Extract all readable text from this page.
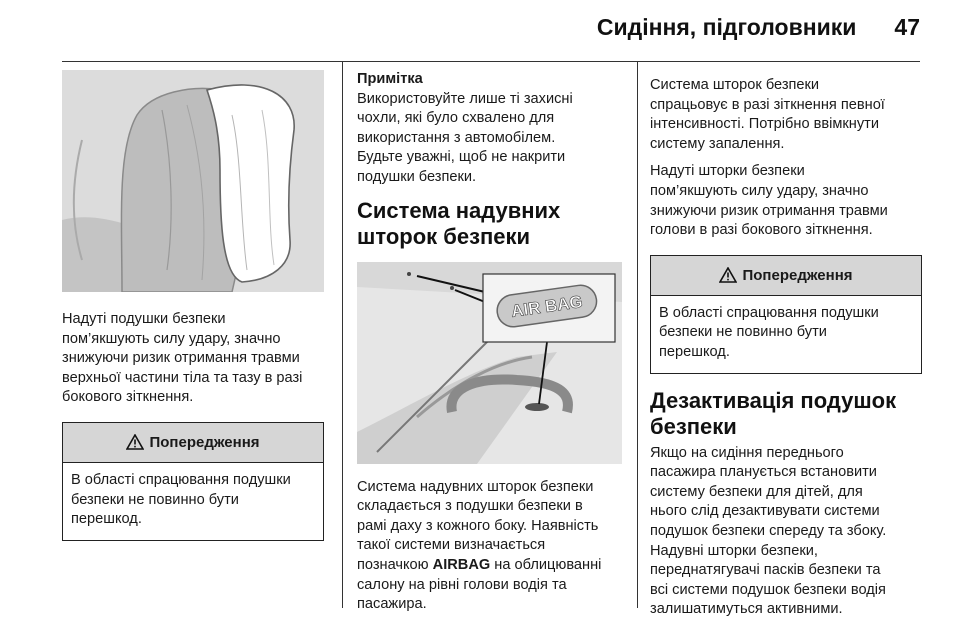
Сидіння, підголовники 47

Надуті подушки безпеки

пом’якшують силу удару, значно

знижуючи ризик отримання травми

верхньої частини тіла та тазу в разі

бокового зіткнення.

Попередження

В області спрацювання подушки

безпеки не повинно бути

перешкод.

Примітка

Використовуйте лише ті захисні

чохли, які було схвалено для

використання з автомобілем.

Будьте уважні, щоб не накрити

подушки безпеки.

Система надувних
шторок безпеки
AIR BAG

Система надувних шторок безпеки

складається з подушки безпеки в

рамі даху з кожного боку. Наявність

такої системи визначається

позначкою AIRBAG на облицюванні

салону на рівні голови водія та

пасажира.

Система шторок безпеки

спрацьовує в разі зіткнення певної

інтенсивності. Потрібно ввімкнути

систему запалення.

Надуті шторки безпеки

пом’якшують силу удару, значно

знижуючи ризик отримання травми

голови в разі бокового зіткнення.

Попередження

В області спрацювання подушки

безпеки не повинно бути

перешкод.

Дезактивація подушок
безпеки

Якщо на сидіння переднього

пасажира планується встановити

систему безпеки для дітей, для

нього слід дезактивувати системи

подушок безпеки спереду та збоку.

Надувні шторки безпеки,

переднатягувачі пасків безпеки та

всі системи подушок безпеки водія

залишатимуться активними.
